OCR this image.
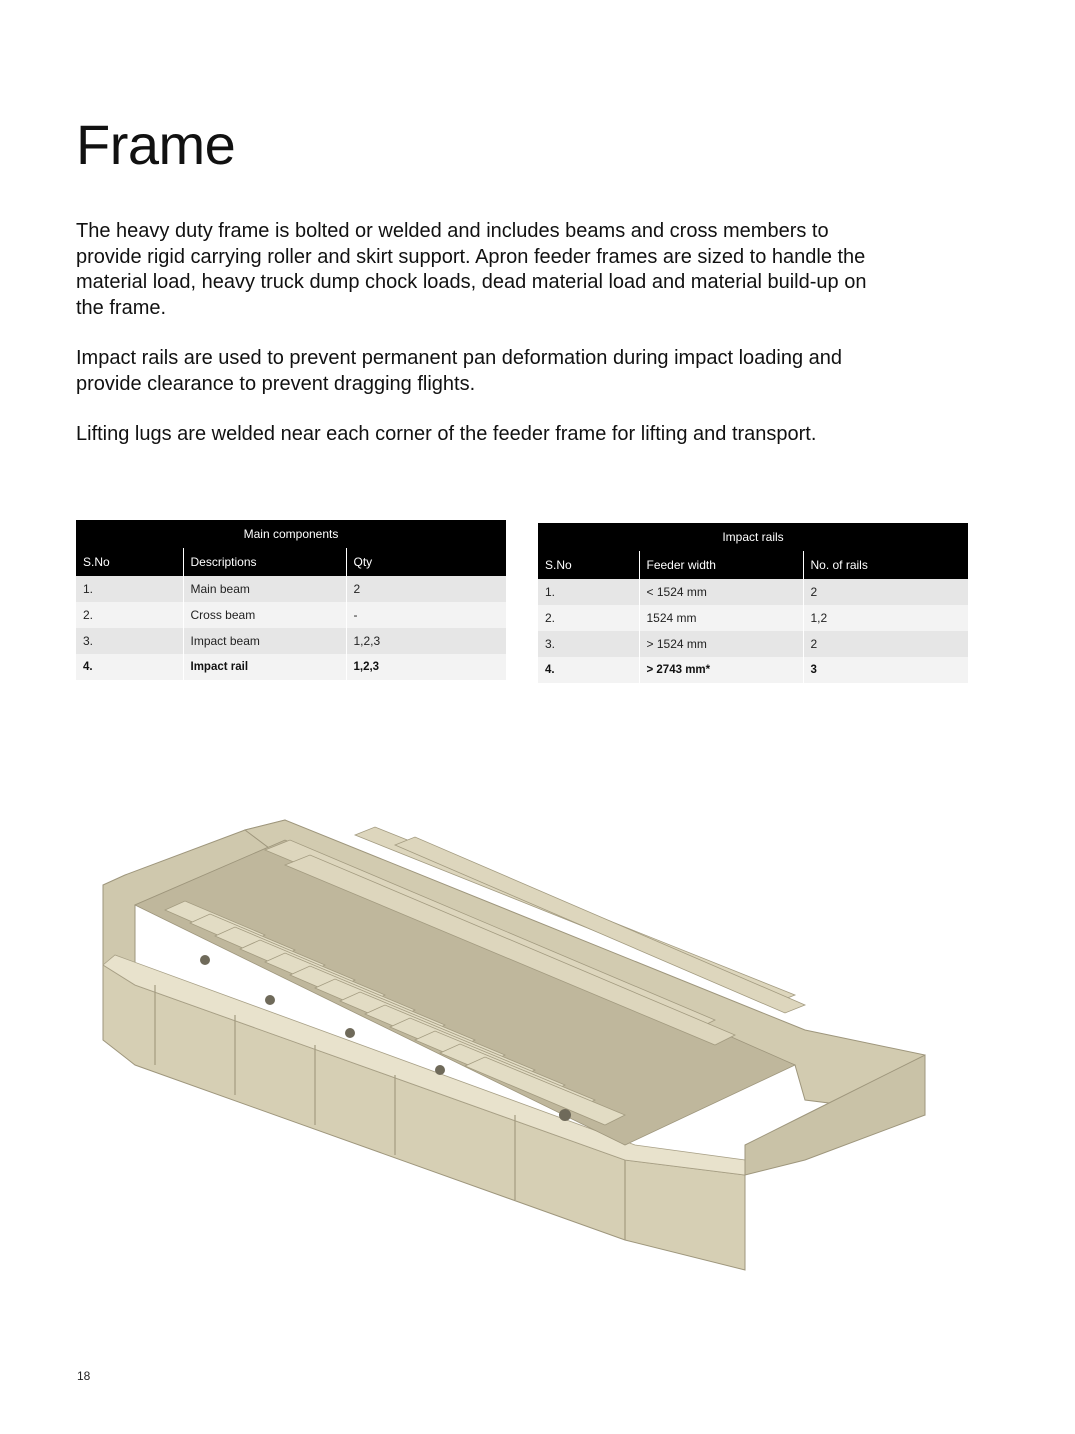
Frame
The heavy duty frame is bolted or welded and includes beams and cross members to provide rigid carrying roller and skirt support. Apron feeder frames are sized to handle the material load, heavy truck dump chock loads, dead material load and material build-up on the frame.
Impact rails are used to prevent permanent pan deformation during impact loading and provide clearance to prevent dragging flights.
Lifting lugs are welded near each corner of the feeder frame for lifting and transport.
Main components		
S.No	Descriptions	Qty
1.	Main beam	2
2.	Cross beam	-
3.	Impact beam	1,2,3
4.	Impact rail	1,2,3
Impact rails		
S.No	Feeder width	No. of rails
1.	< 1524 mm	2
2.	1524 mm	1,2
3.	> 1524 mm	2
4.	> 2743 mm*	3
18
